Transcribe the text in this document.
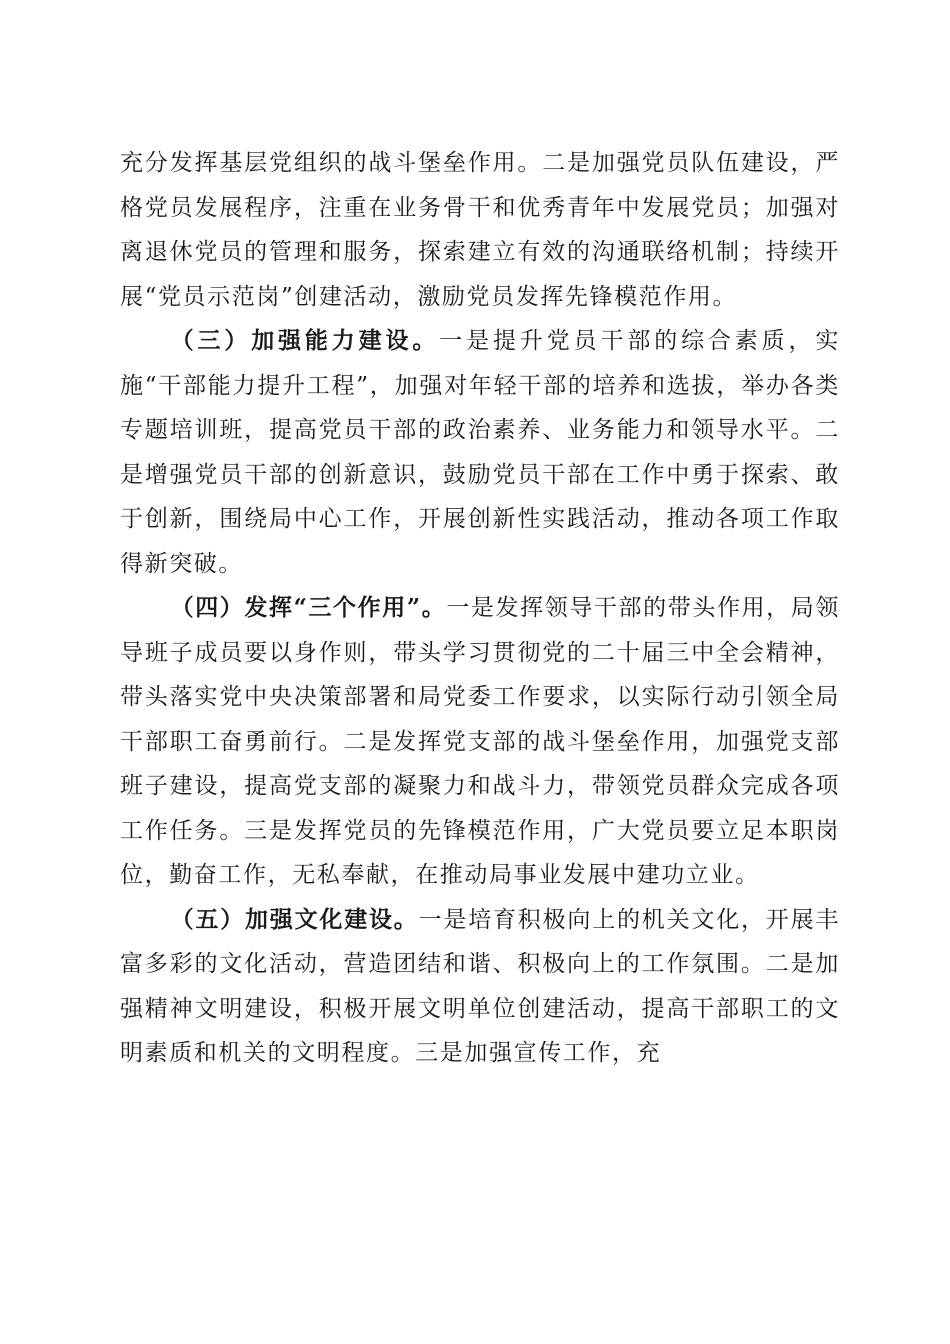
充分发挥基层党组织的战斗堡垒作用。二是加强党员队伍建设，严格党员发展程序，注重在业务骨干和优秀青年中发展党员；加强对离退休党员的管理和服务，探索建立有效的沟通联络机制；持续开展“党员示范岗”创建活动，激励党员发挥先锋模范作用。

（三）加强能力建设。一是提升党员干部的综合素质，实施“干部能力提升工程”，加强对年轻干部的培养和选拔，举办各类专题培训班，提高党员干部的政治素养、业务能力和领导水平。二是增强党员干部的创新意识，鼓励党员干部在工作中勇于探索、敢于创新，围绕局中心工作，开展创新性实践活动，推动各项工作取得新突破。

（四）发挥“三个作用”。一是发挥领导干部的带头作用，局领导班子成员要以身作则，带头学习贯彻党的二十届三中全会精神，带头落实党中央决策部署和局党委工作要求，以实际行动引领全局干部职工奋勇前行。二是发挥党支部的战斗堡垒作用，加强党支部班子建设，提高党支部的凝聚力和战斗力，带领党员群众完成各项工作任务。三是发挥党员的先锋模范作用，广大党员要立足本职岗位，勤奋工作，无私奉献，在推动局事业发展中建功立业。

（五）加强文化建设。一是培育积极向上的机关文化，开展丰富多彩的文化活动，营造团结和谐、积极向上的工作氛围。二是加强精神文明建设，积极开展文明单位创建活动，提高干部职工的文明素质和机关的文明程度。三是加强宣传工作，充
